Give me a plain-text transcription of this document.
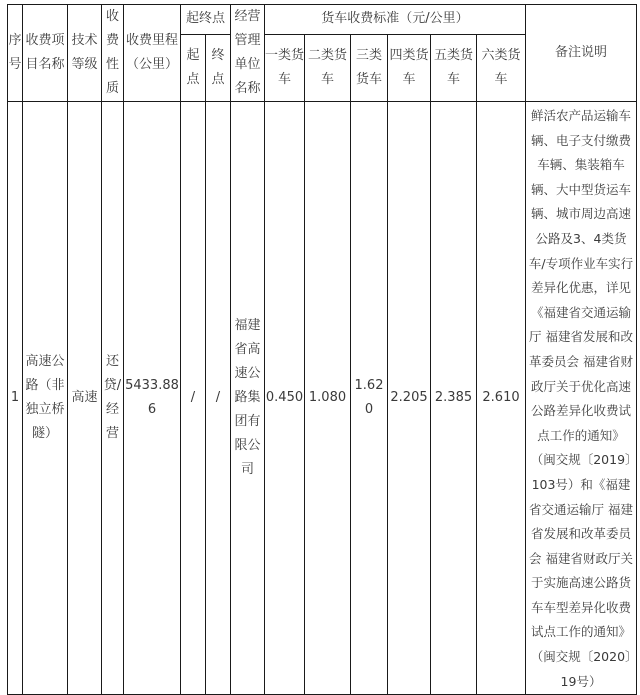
序号	收费项目名称	技术等级	收费性质	收费里程（公里）	起终点		经营管理单位名称	货车收费标准（元/公里）						备注说明
					起点	终点		一类货车	二类货车	三类货车	四类货车	五类货车	六类货车	
1	高速公路（非独立桥隧）	高速	还贷/经营	5433.886	/	/	福建省高速公路集团有限公司	0.450	1.080	1.620	2.205	2.385	2.610	鲜活农产品运输车辆、电子支付缴费车辆、集装箱车辆、大中型货运车辆、城市周边高速公路及3、4类货车/专项作业车实行差异化优惠，详见《福建省交通运输厅 福建省发展和改革委员会 福建省财政厅关于优化高速公路差异化收费试点工作的通知》（闽交规〔2019〕103号）和《福建省交通运输厅 福建省发展和改革委员会 福建省财政厅关于实施高速公路货车车型差异化收费试点工作的通知》（闽交规〔2020〕19号）
